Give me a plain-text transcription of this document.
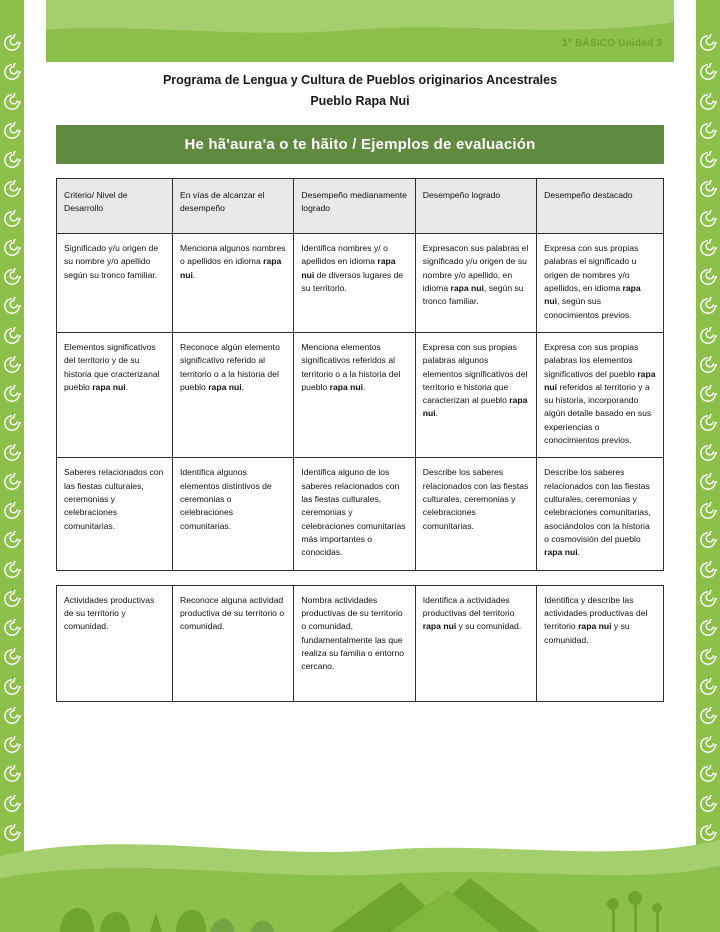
1° BÁSICO Unidad 3
Programa de Lengua y Cultura de Pueblos originarios Ancestrales
Pueblo Rapa Nui
He hã'aura'a o te hãito / Ejemplos de evaluación
Criterio/ Nivel de Desarrollo	En vías de alcanzar el desempeño	Desempeño medianamente logrado	Desempeño logrado	Desempeño destacado
Significado y/u origen de su nombre y/o apellido según su tronco familiar.	Menciona algunos nombres o apellidos en idioma rapa nui.	Identifica nombres y/ o apellidos en idioma rapa nui de diversos lugares de su territorio.	Expresacon sus palabras el significado y/u origen de su nombre y/o apellido, en idioma rapa nui, según su tronco familiar.	Expresa con sus propias palabras el significado u origen de nombres y/o apellidos, en idioma rapa nui, según sus conocimientos previos.
Elementos significativos del territorio y de su historia que cracterizanal pueblo rapa nui.	Reconoce algún elemento significativo referido al territorio o a la historia del pueblo rapa nui.	Menciona elementos significativos referidos al territorio o a la historia del pueblo rapa nui.	Expresa con sus propias palabras algunos elementos significativos del territorio e historia que caracterizan al pueblo rapa nui.	Expresa con sus propias palabras los elementos significativos del pueblo rapa nui referidos al territorio y a su historia, incorporando algún detalle basado en sus experiencias o conocimientos previos.
Saberes relacionados con las fiestas culturales, ceremonias y celebraciones comunitarias.	Identifica algunos elementos distintivos de ceremonias o celebraciones comunitarias.	Identifica alguno de los saberes relacionados con las fiestas culturales, ceremonias y celebraciones comunitarias más importantes o conocidas.	Describe los saberes relacionados con las fiestas culturales, ceremonias y celebraciones comunitarias.	Describe los saberes relacionados con las fiestas culturales, ceremonias y celebraciones comunitarias, asociándolos con la historia o cosmovisión del pueblo rapa nui.
Actividades productivas de su territorio y comunidad.	Reconoce alguna actividad productiva de su territorio o comunidad.	Nombra actividades productivas de su territorio o comunidad, fundamentalmente las que realiza su familia o entorno cercano.	Identifica a actividades productivas del territorio rapa nui y su comunidad.	Identifica y describe las actividades productivas del territorio rapa nui y su comunidad.
